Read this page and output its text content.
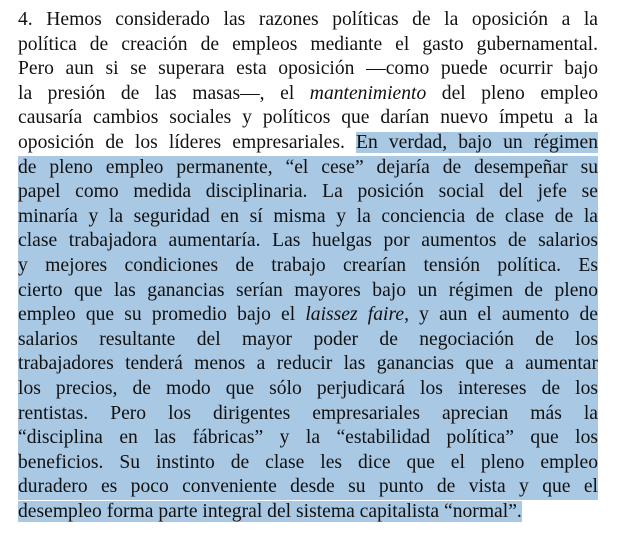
4. Hemos considerado las razones políticas de la oposición a la
política de creación de empleos mediante el gasto gubernamental.
Pero aun si se superara esta oposición —como puede ocurrir bajo
la presión de las masas—, el mantenimiento del pleno empleo
causaría cambios sociales y políticos que darían nuevo ímpetu a la
oposición de los líderes empresariales. En verdad, bajo un régimen
de pleno empleo permanente, “el cese” dejaría de desempeñar su
papel como medida disciplinaria. La posición social del jefe se
minaría y la seguridad en sí misma y la conciencia de clase de la
clase trabajadora aumentaría. Las huelgas por aumentos de salarios
y mejores condiciones de trabajo crearían tensión política. Es
cierto que las ganancias serían mayores bajo un régimen de pleno
empleo que su promedio bajo el laissez faire, y aun el aumento de
salarios resultante del mayor poder de negociación de los
trabajadores tenderá menos a reducir las ganancias que a aumentar
los precios, de modo que sólo perjudicará los intereses de los
rentistas. Pero los dirigentes empresariales aprecian más la
“disciplina en las fábricas” y la “estabilidad política” que los
beneficios. Su instinto de clase les dice que el pleno empleo
duradero es poco conveniente desde su punto de vista y que el
desempleo forma parte integral del sistema capitalista “normal”.
